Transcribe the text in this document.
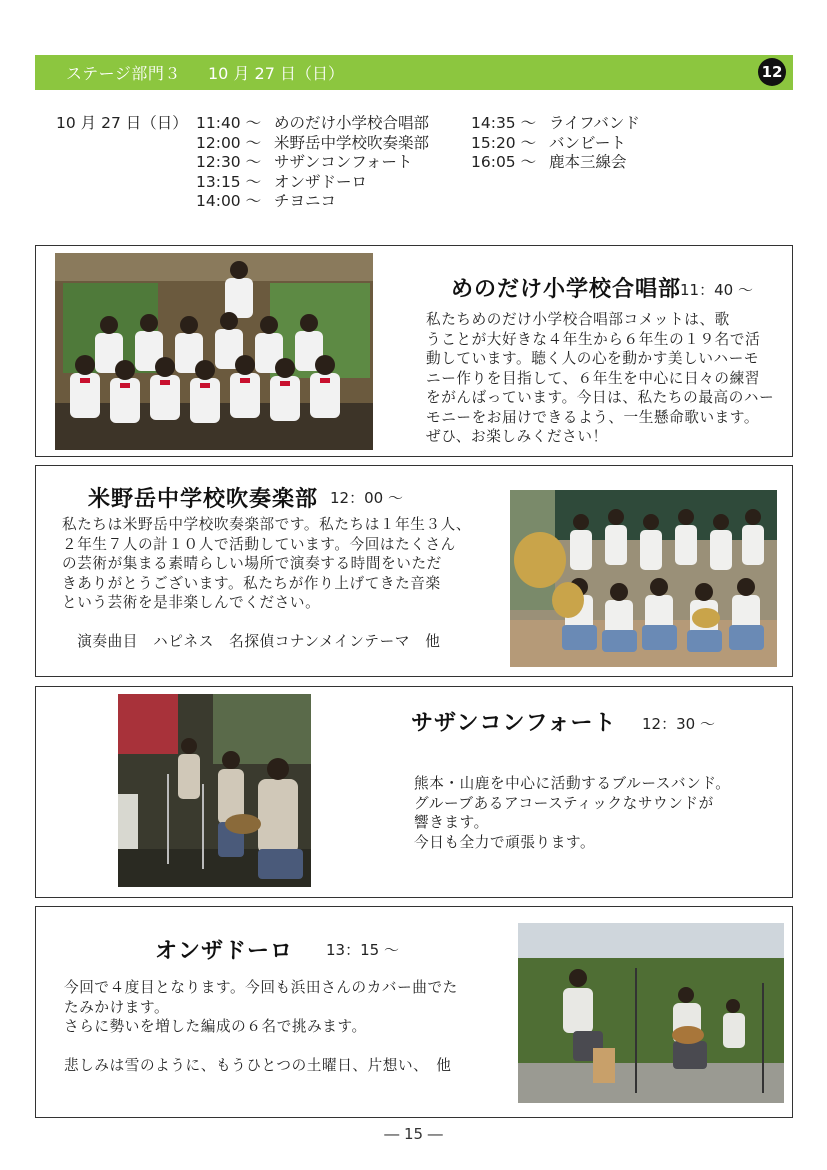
ステージ部門３ 10 月 27 日（日）	12
10 月 27 日（日） 11:40 〜 めのだけ小学校合唱部
12:00 〜 米野岳中学校吹奏楽部
12:30 〜 サザンコンフォート
13:15 〜 オンザドーロ
14:00 〜 チヨニコ
14:35 〜 ライフバンド
15:20 〜 バンビート
16:05 〜 鹿本三線会
めのだけ小学校合唱部
11：40 〜

私たちめのだけ小学校合唱部コメットは、歌

うことが大好きな４年生から６年生の１９名で活

動しています。聴く人の心を動かす美しいハーモ

ニー作りを目指して、６年生を中心に日々の練習

をがんばっています。今日は、私たちの最高のハー

モニーをお届けできるよう、一生懸命歌います。

ぜひ、お楽しみください！

米野岳中学校吹奏楽部 12：00 〜

私たちは米野岳中学校吹奏楽部です。私たちは１年生３人、

２年生７人の計１０人で活動しています。今回はたくさん

の芸術が集まる素晴らしい場所で演奏する時間をいただ

きありがとうございます。私たちが作り上げてきた音楽

という芸術を是非楽しんでください。

　演奏曲目　ハピネス　名探偵コナンメインテーマ　他

サザンコンフォート 12：30 〜

熊本・山鹿を中心に活動するブルースバンド。

グルーブあるアコースティックなサウンドが

響きます。

今日も全力で頑張ります。

オンザドーロ 13：15 〜

今回で４度目となります。今回も浜田さんのカバー曲でた

たみかけます。

さらに勢いを増した編成の６名で挑みます。

悲しみは雪のように、もうひとつの土曜日、片想い、　他

― 15 ―
